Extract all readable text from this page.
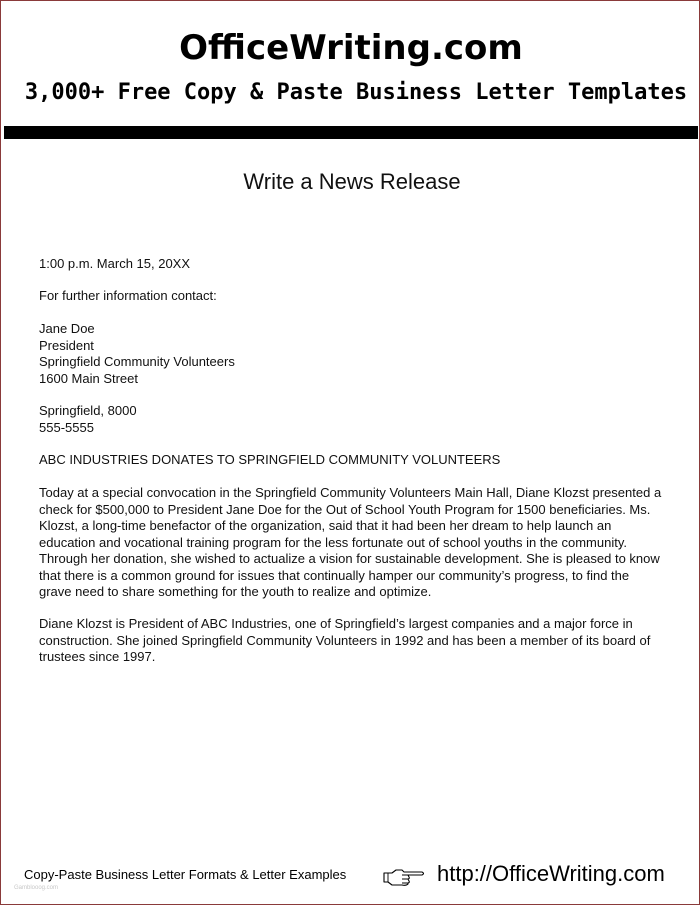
OfficeWriting.com
3,000+ Free Copy & Paste Business Letter Templates
Write a News Release
1:00 p.m. March 15, 20XX
For further information contact:
Jane Doe
President
Springfield Community Volunteers
1600 Main Street
Springfield, 8000
555-5555
ABC INDUSTRIES DONATES TO SPRINGFIELD COMMUNITY VOLUNTEERS
Today at a special convocation in the Springfield Community Volunteers Main Hall, Diane Klozst presented a
check for $500,000 to President Jane Doe for the Out of School Youth Program for 1500 beneficiaries. Ms.
Klozst, a long-time benefactor of the organization, said that it had been her dream to help launch an
education and vocational training program for the less fortunate out of school youths in the community.
Through her donation, she wished to actualize a vision for sustainable development. She is pleased to know
that there is a common ground for issues that continually hamper our community’s progress, to find the
grave need to share something for the youth to realize and optimize.
Diane Klozst is President of ABC Industries, one of Springfield’s largest companies and a major force in
construction. She joined Springfield Community Volunteers in 1992 and has been a member of its board of
trustees since 1997.
Copy-Paste Business Letter Formats & Letter Examples	http://OfficeWriting.com
Gamblooog.com
